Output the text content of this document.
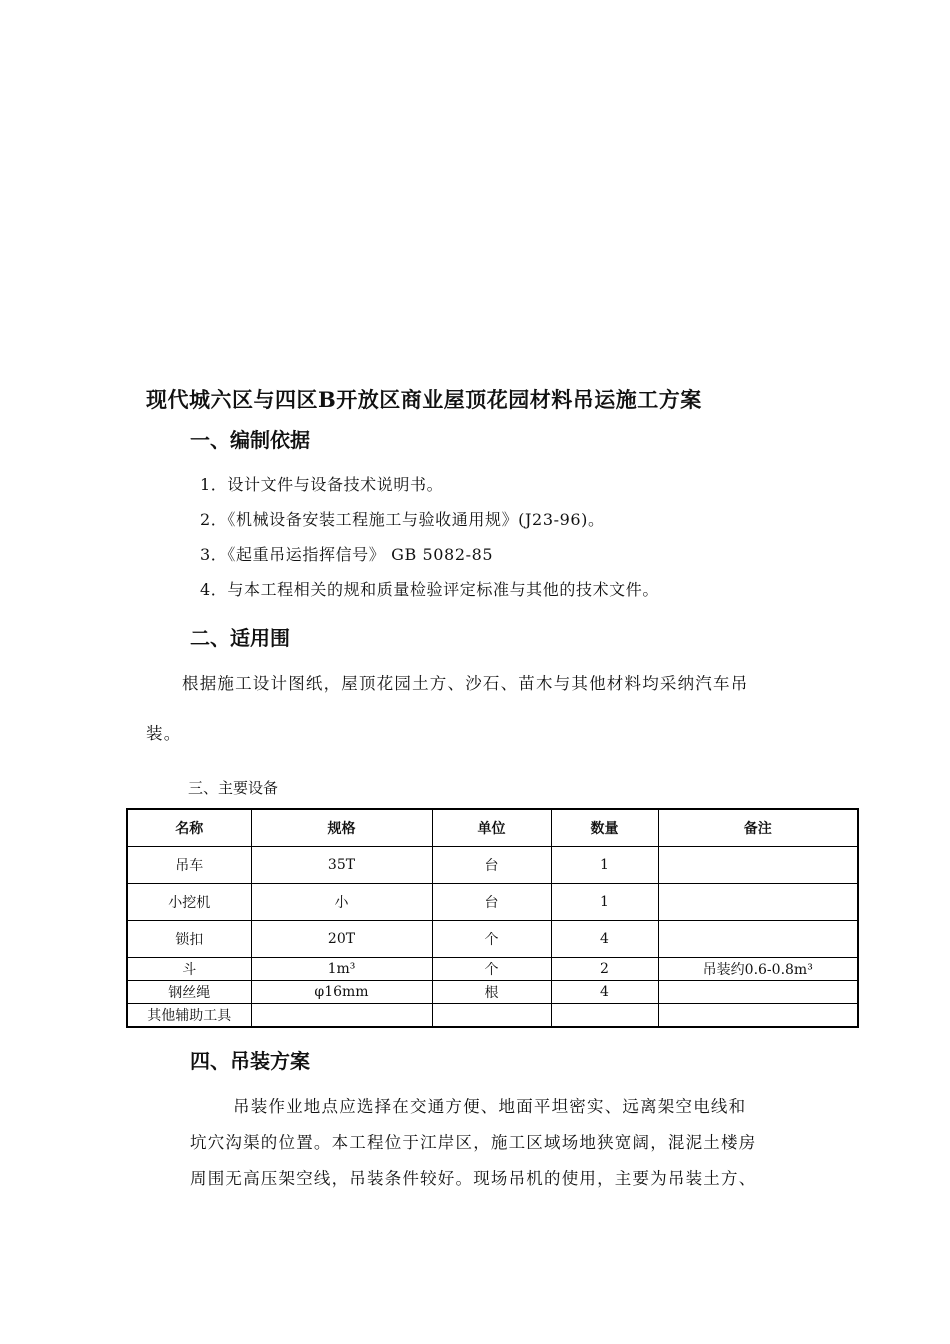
现代城六区与四区B开放区商业屋顶花园材料吊运施工方案
一、编制依据
1．设计文件与设备技术说明书。
2．《机械设备安装工程施工与验收通用规》(J23-96)。
3．《起重吊运指挥信号》 GB 5082-85
4．与本工程相关的规和质量检验评定标准与其他的技术文件。
二、适用围
根据施工设计图纸，屋顶花园土方、沙石、苗木与其他材料均采纳汽车吊
装。
三、主要设备
名称	规格	单位	数量	备注
吊车	35T	台	1	
小挖机	小	台	1	
锁扣	20T	个	4	
斗	1m³	个	2	吊装约0.6-0.8m³
钢丝绳	φ16mm	根	4	
其他辅助工具				
四、吊装方案
吊装作业地点应选择在交通方便、地面平坦密实、远离架空电线和
坑穴沟渠的位置。本工程位于江岸区，施工区域场地狭宽阔，混泥土楼房
周围无高压架空线，吊装条件较好。现场吊机的使用，主要为吊装土方、
